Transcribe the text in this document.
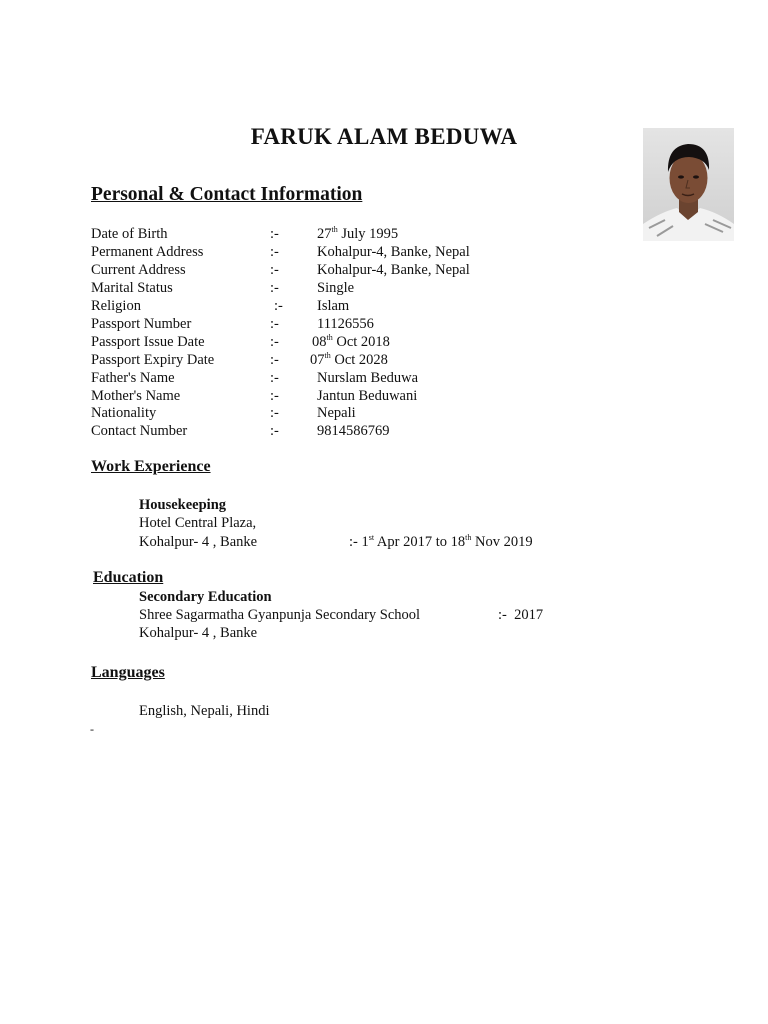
FARUK ALAM BEDUWA
Personal & Contact Information
Date of Birth	:-	27th July 1995
Permanent Address	:-	Kohalpur-4, Banke, Nepal
Current Address	:-	Kohalpur-4, Banke, Nepal
Marital Status	:-	Single
Religion	:- Islam
Passport Number	:-	11126556
Passport Issue Date	:- 08th Oct 2018
Passport Expiry Date	:- 07th Oct 2028
Father's Name	:-	Nurslam Beduwa
Mother's Name	:-	Jantun Beduwani
Nationality	:-	Nepali
Contact Number	:-	9814586769
Work Experience
Housekeeping
Hotel Central Plaza,
Kohalpur- 4 , Banke	:- 1st Apr 2017 to 18th Nov 2019
Education
Secondary Education
Shree Sagarmatha Gyanpunja Secondary School	:-  2017
Kohalpur- 4 , Banke
Languages
English, Nepali, Hindi
-
